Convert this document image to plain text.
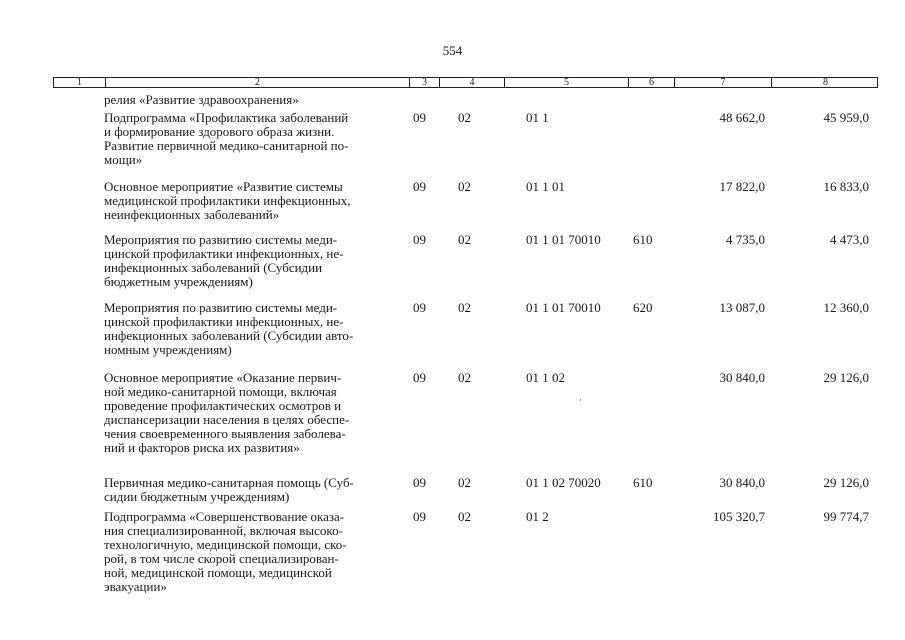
554
1	2	3	4	5	6	7	8
релия «Развитие здравоохранения»
Подпрограмма «Профилактика заболеваний
и формирование здорового образа жизни.
Развитие первичной медико-санитарной по-
мощи»
09 02	01 1	48 662,0	45 959,0
Основное мероприятие «Развитие системы
медицинской профилактики инфекционных,
неинфекционных заболеваний»
09 02	01 1 01	17 822,0	16 833,0
Мероприятия по развитию системы меди-
цинской профилактики инфекционных, не-
инфекционных заболеваний (Субсидии
бюджетным учреждениям)
09 02	01 1 01 70010 610	4 735,0	4 473,0
Мероприятия по развитию системы меди-
цинской профилактики инфекционных, не-
инфекционных заболеваний (Субсидии авто-
номным учреждениям)
09 02	01 1 01 70010 620	13 087,0	12 360,0
Основное мероприятие «Оказание первич-
ной медико-санитарной помощи, включая
проведение профилактических осмотров и
диспансеризации населения в целях обеспе-
чения своевременного выявления заболева-
ний и факторов риска их развития»
09 02	01 1 02	30 840,0	29 126,0
Первичная медико-санитарная помощь (Суб-
сидии бюджетным учреждениям)
09 02	01 1 02 70020 610	30 840,0	29 126,0
Подпрограмма «Совершенствование оказа-
ния специализированной, включая высоко-
технологичную, медицинской помощи, ско-
рой, в том числе скорой специализирован-
ной, медицинской помощи, медицинской
эвакуации»
09 02	01 2	105 320,7	99 774,7
·
